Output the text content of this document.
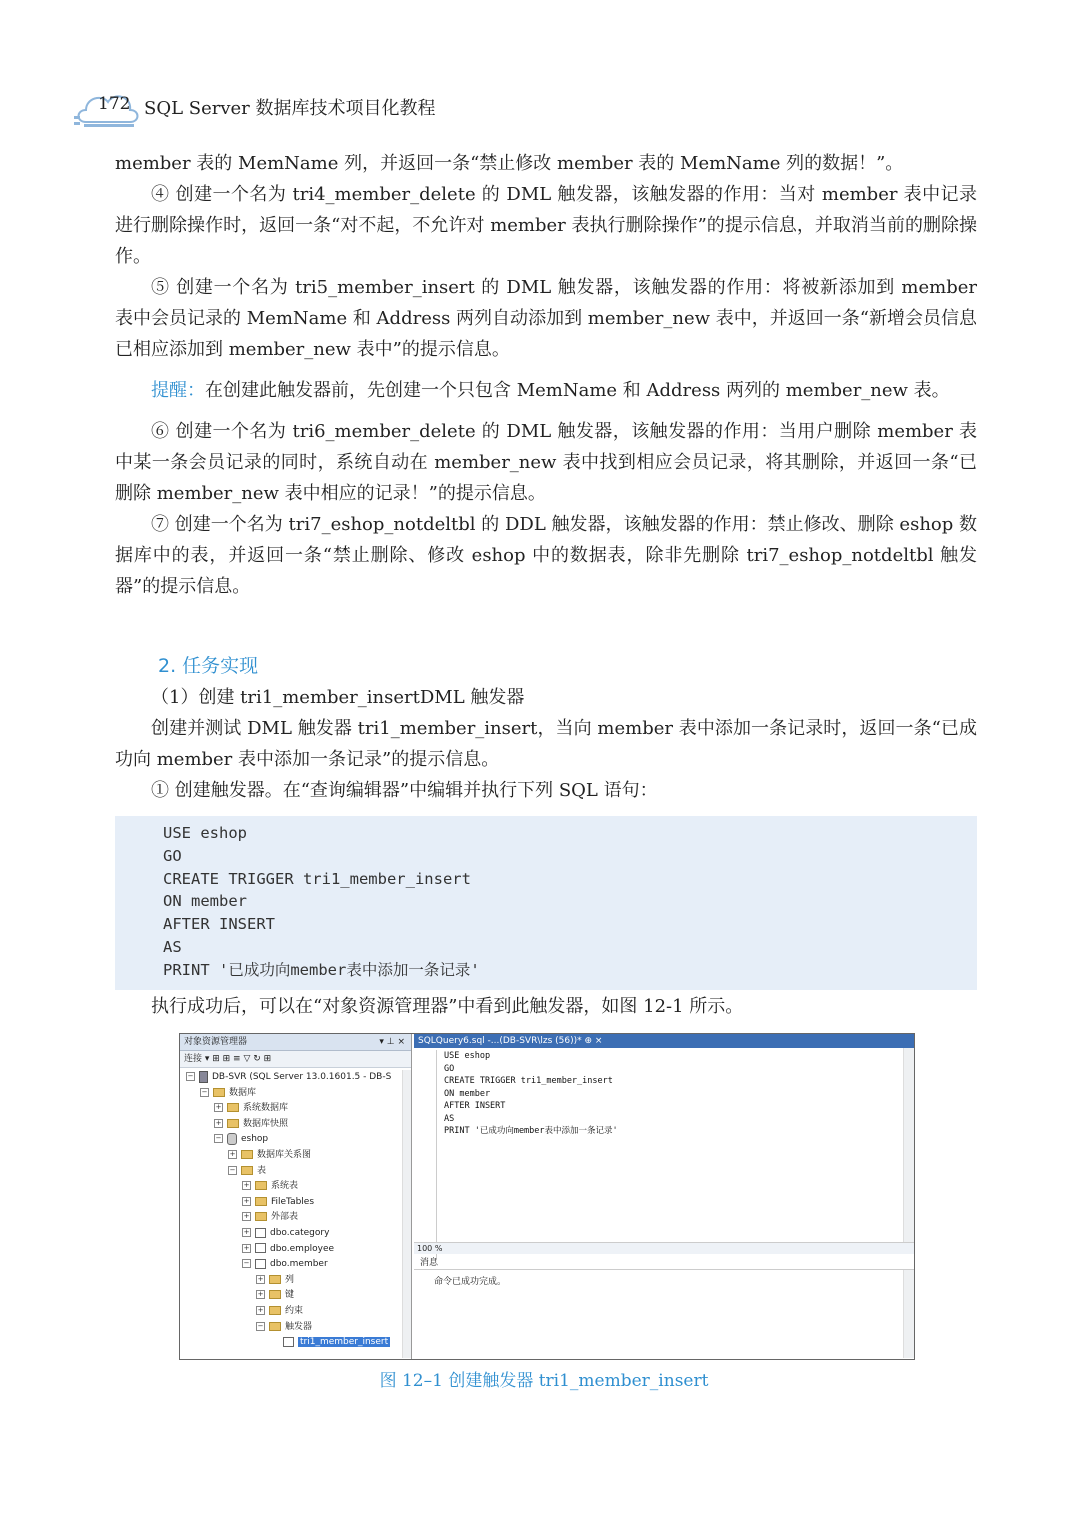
172 SQL Server 数据库技术项目化教程

member 表的 MemName 列，并返回一条“禁止修改 member 表的 MemName 列的数据！”。

④ 创建一个名为 tri4_member_delete 的 DML 触发器，该触发器的作用：当对 member 表中记录进行删除操作时，返回一条“对不起，不允许对 member 表执行删除操作”的提示信息，并取消当前的删除操作。

⑤ 创建一个名为 tri5_member_insert 的 DML 触发器，该触发器的作用：将被新添加到 member 表中会员记录的 MemName 和 Address 两列自动添加到 member_new 表中，并返回一条“新增会员信息已相应添加到 member_new 表中”的提示信息。

提醒：在创建此触发器前，先创建一个只包含 MemName 和 Address 两列的 member_new 表。

⑥ 创建一个名为 tri6_member_delete 的 DML 触发器，该触发器的作用：当用户删除 member 表中某一条会员记录的同时，系统自动在 member_new 表中找到相应会员记录，将其删除，并返回一条“已删除 member_new 表中相应的记录！”的提示信息。

⑦ 创建一个名为 tri7_eshop_notdeltbl 的 DDL 触发器，该触发器的作用：禁止修改、删除 eshop 数据库中的表，并返回一条“禁止删除、修改 eshop 中的数据表，除非先删除 tri7_eshop_notdeltbl 触发器”的提示信息。

2. 任务实现

（1）创建 tri1_member_insertDML 触发器

创建并测试 DML 触发器 tri1_member_insert，当向 member 表中添加一条记录时，返回一条“已成功向 member 表中添加一条记录”的提示信息。

① 创建触发器。在“查询编辑器”中编辑并执行下列 SQL 语句：

USE eshop
GO
CREATE TRIGGER tri1_member_insert
ON member
AFTER INSERT
AS
PRINT '已成功向member表中添加一条记录'

执行成功后，可以在“对象资源管理器”中看到此触发器，如图 12-1 所示。

对象资源管理器	▾ ⊥ ×
连接 ▾ ⊞ ⊞ ≡ ▽ ↻ ⊞
− DB-SVR (SQL Server 13.0.1601.5 - DB-S
− 数据库
+ 系统数据库
+ 数据库快照
− eshop
+ 数据库关系图
− 表
+ 系统表
+ FileTables
+ 外部表
+ dbo.category
+ dbo.employee
− dbo.member
+ 列
+ 键
+ 约束
− 触发器
tri1_member_insert
SQLQuery6.sql -...(DB-SVR\lzs (56))* ⊕ ×
USE eshop
GO
CREATE TRIGGER tri1_member_insert
ON member
AFTER INSERT
AS
PRINT '已成功向member表中添加一条记录'
100 %
消息
命令已成功完成。
图 12–1 创建触发器 tri1_member_insert
